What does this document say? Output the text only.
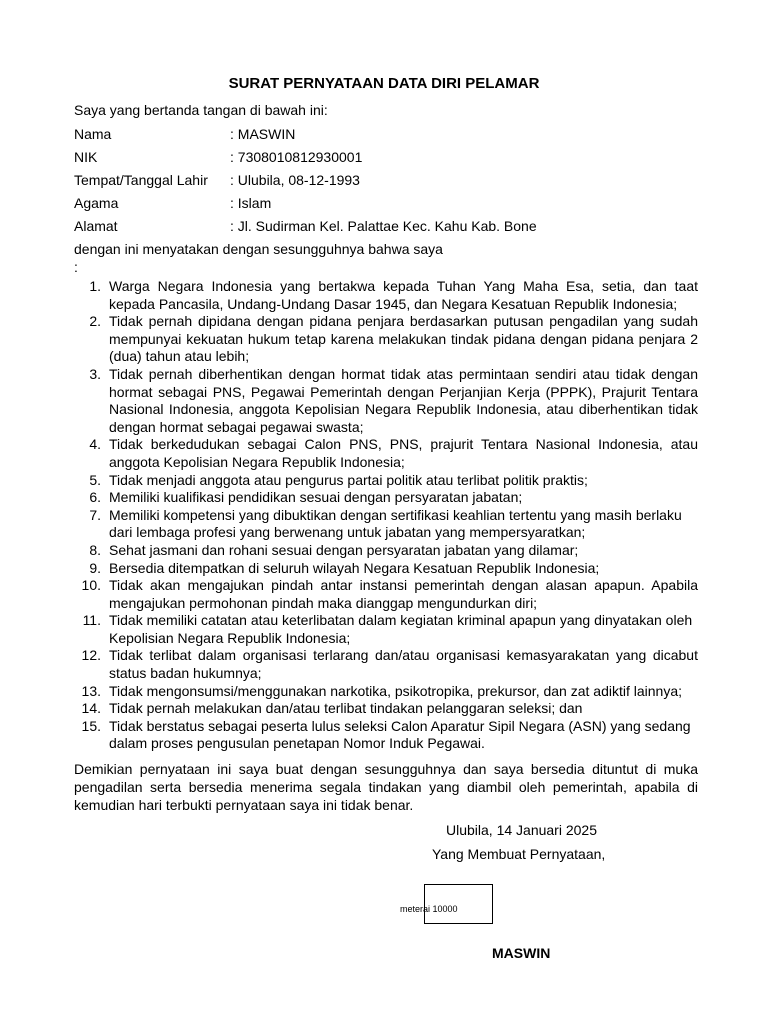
SURAT PERNYATAAN DATA DIRI PELAMAR
Saya yang bertanda tangan di bawah ini:
Nama	: MASWIN
NIK	: 7308010812930001
Tempat/Tanggal Lahir	: Ulubila, 08-12-1993
Agama	: Islam
Alamat	: Jl. Sudirman Kel. Palattae Kec. Kahu Kab. Bone
dengan ini menyatakan dengan sesungguhnya bahwa saya
:
1. Warga Negara Indonesia yang bertakwa kepada Tuhan Yang Maha Esa, setia, dan taat kepada Pancasila, Undang-Undang Dasar 1945, dan Negara Kesatuan Republik Indonesia;
2. Tidak pernah dipidana dengan pidana penjara berdasarkan putusan pengadilan yang sudah mempunyai kekuatan hukum tetap karena melakukan tindak pidana dengan pidana penjara 2 (dua) tahun atau lebih;
3. Tidak pernah diberhentikan dengan hormat tidak atas permintaan sendiri atau tidak dengan hormat sebagai PNS, Pegawai Pemerintah dengan Perjanjian Kerja (PPPK), Prajurit Tentara Nasional Indonesia, anggota Kepolisian Negara Republik Indonesia, atau diberhentikan tidak dengan hormat sebagai pegawai swasta;
4. Tidak berkedudukan sebagai Calon PNS, PNS, prajurit Tentara Nasional Indonesia, atau anggota Kepolisian Negara Republik Indonesia;
5. Tidak menjadi anggota atau pengurus partai politik atau terlibat politik praktis;
6. Memiliki kualifikasi pendidikan sesuai dengan persyaratan jabatan;
7. Memiliki kompetensi yang dibuktikan dengan sertifikasi keahlian tertentu yang masih berlaku dari lembaga profesi yang berwenang untuk jabatan yang mempersyaratkan;
8. Sehat jasmani dan rohani sesuai dengan persyaratan jabatan yang dilamar;
9. Bersedia ditempatkan di seluruh wilayah Negara Kesatuan Republik Indonesia;
10. Tidak akan mengajukan pindah antar instansi pemerintah dengan alasan apapun. Apabila mengajukan permohonan pindah maka dianggap mengundurkan diri;
11. Tidak memiliki catatan atau keterlibatan dalam kegiatan kriminal apapun yang dinyatakan oleh Kepolisian Negara Republik Indonesia;
12. Tidak terlibat dalam organisasi terlarang dan/atau organisasi kemasyarakatan yang dicabut status badan hukumnya;
13. Tidak mengonsumsi/menggunakan narkotika, psikotropika, prekursor, dan zat adiktif lainnya;
14. Tidak pernah melakukan dan/atau terlibat tindakan pelanggaran seleksi; dan
15. Tidak berstatus sebagai peserta lulus seleksi Calon Aparatur Sipil Negara (ASN) yang sedang dalam proses pengusulan penetapan Nomor Induk Pegawai.
Demikian pernyataan ini saya buat dengan sesungguhnya dan saya bersedia dituntut di muka pengadilan serta bersedia menerima segala tindakan yang diambil oleh pemerintah, apabila di kemudian hari terbukti pernyataan saya ini tidak benar.
Ulubila, 14 Januari 2025
Yang Membuat Pernyataan,
meterai 10000
MASWIN
